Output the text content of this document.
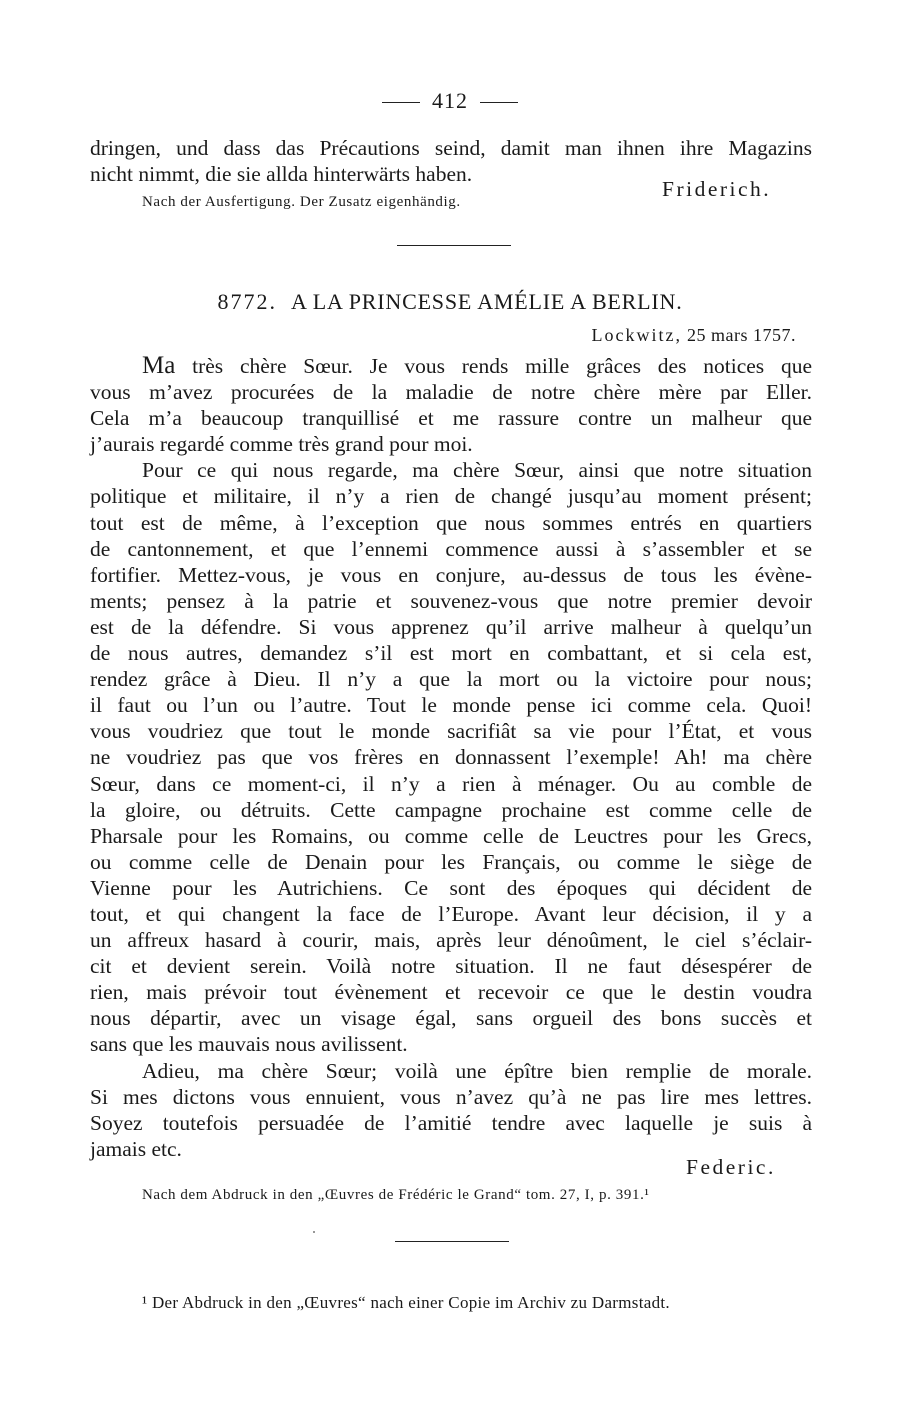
412
dringen, und dass das Précautions seind, damit man ihnen ihre Magazins
nicht nimmt, die sie allda hinterwärts haben.
Friderich.
Nach der Ausfertigung. Der Zusatz eigenhändig.
8772. A LA PRINCESSE AMÉLIE A BERLIN.
Lockwitz, 25 mars 1757.
Ma très chère Sœur. Je vous rends mille grâces des notices que
vous m’avez procurées de la maladie de notre chère mère par Eller.
Cela m’a beaucoup tranquillisé et me rassure contre un malheur que
j’aurais regardé comme très grand pour moi.
Pour ce qui nous regarde, ma chère Sœur, ainsi que notre situation
politique et militaire, il n’y a rien de changé jusqu’au moment présent;
tout est de même, à l’exception que nous sommes entrés en quartiers
de cantonnement, et que l’ennemi commence aussi à s’assembler et se
fortifier. Mettez-vous, je vous en conjure, au-dessus de tous les évène-
ments; pensez à la patrie et souvenez-vous que notre premier devoir
est de la défendre. Si vous apprenez qu’il arrive malheur à quelqu’un
de nous autres, demandez s’il est mort en combattant, et si cela est,
rendez grâce à Dieu. Il n’y a que la mort ou la victoire pour nous;
il faut ou l’un ou l’autre. Tout le monde pense ici comme cela. Quoi!
vous voudriez que tout le monde sacrifiât sa vie pour l’État, et vous
ne voudriez pas que vos frères en donnassent l’exemple! Ah! ma chère
Sœur, dans ce moment-ci, il n’y a rien à ménager. Ou au comble de
la gloire, ou détruits. Cette campagne prochaine est comme celle de
Pharsale pour les Romains, ou comme celle de Leuctres pour les Grecs,
ou comme celle de Denain pour les Français, ou comme le siège de
Vienne pour les Autrichiens. Ce sont des époques qui décident de
tout, et qui changent la face de l’Europe. Avant leur décision, il y a
un affreux hasard à courir, mais, après leur dénoûment, le ciel s’éclair-
cit et devient serein. Voilà notre situation. Il ne faut désespérer de
rien, mais prévoir tout évènement et recevoir ce que le destin voudra
nous départir, avec un visage égal, sans orgueil des bons succès et
sans que les mauvais nous avilissent.
Adieu, ma chère Sœur; voilà une épître bien remplie de morale.
Si mes dictons vous ennuient, vous n’avez qu’à ne pas lire mes lettres.
Soyez toutefois persuadée de l’amitié tendre avec laquelle je suis à
jamais etc.
Federic.
Nach dem Abdruck in den „Œuvres de Frédéric le Grand“ tom. 27, I, p. 391.¹
¹ Der Abdruck in den „Œuvres“ nach einer Copie im Archiv zu Darmstadt.
